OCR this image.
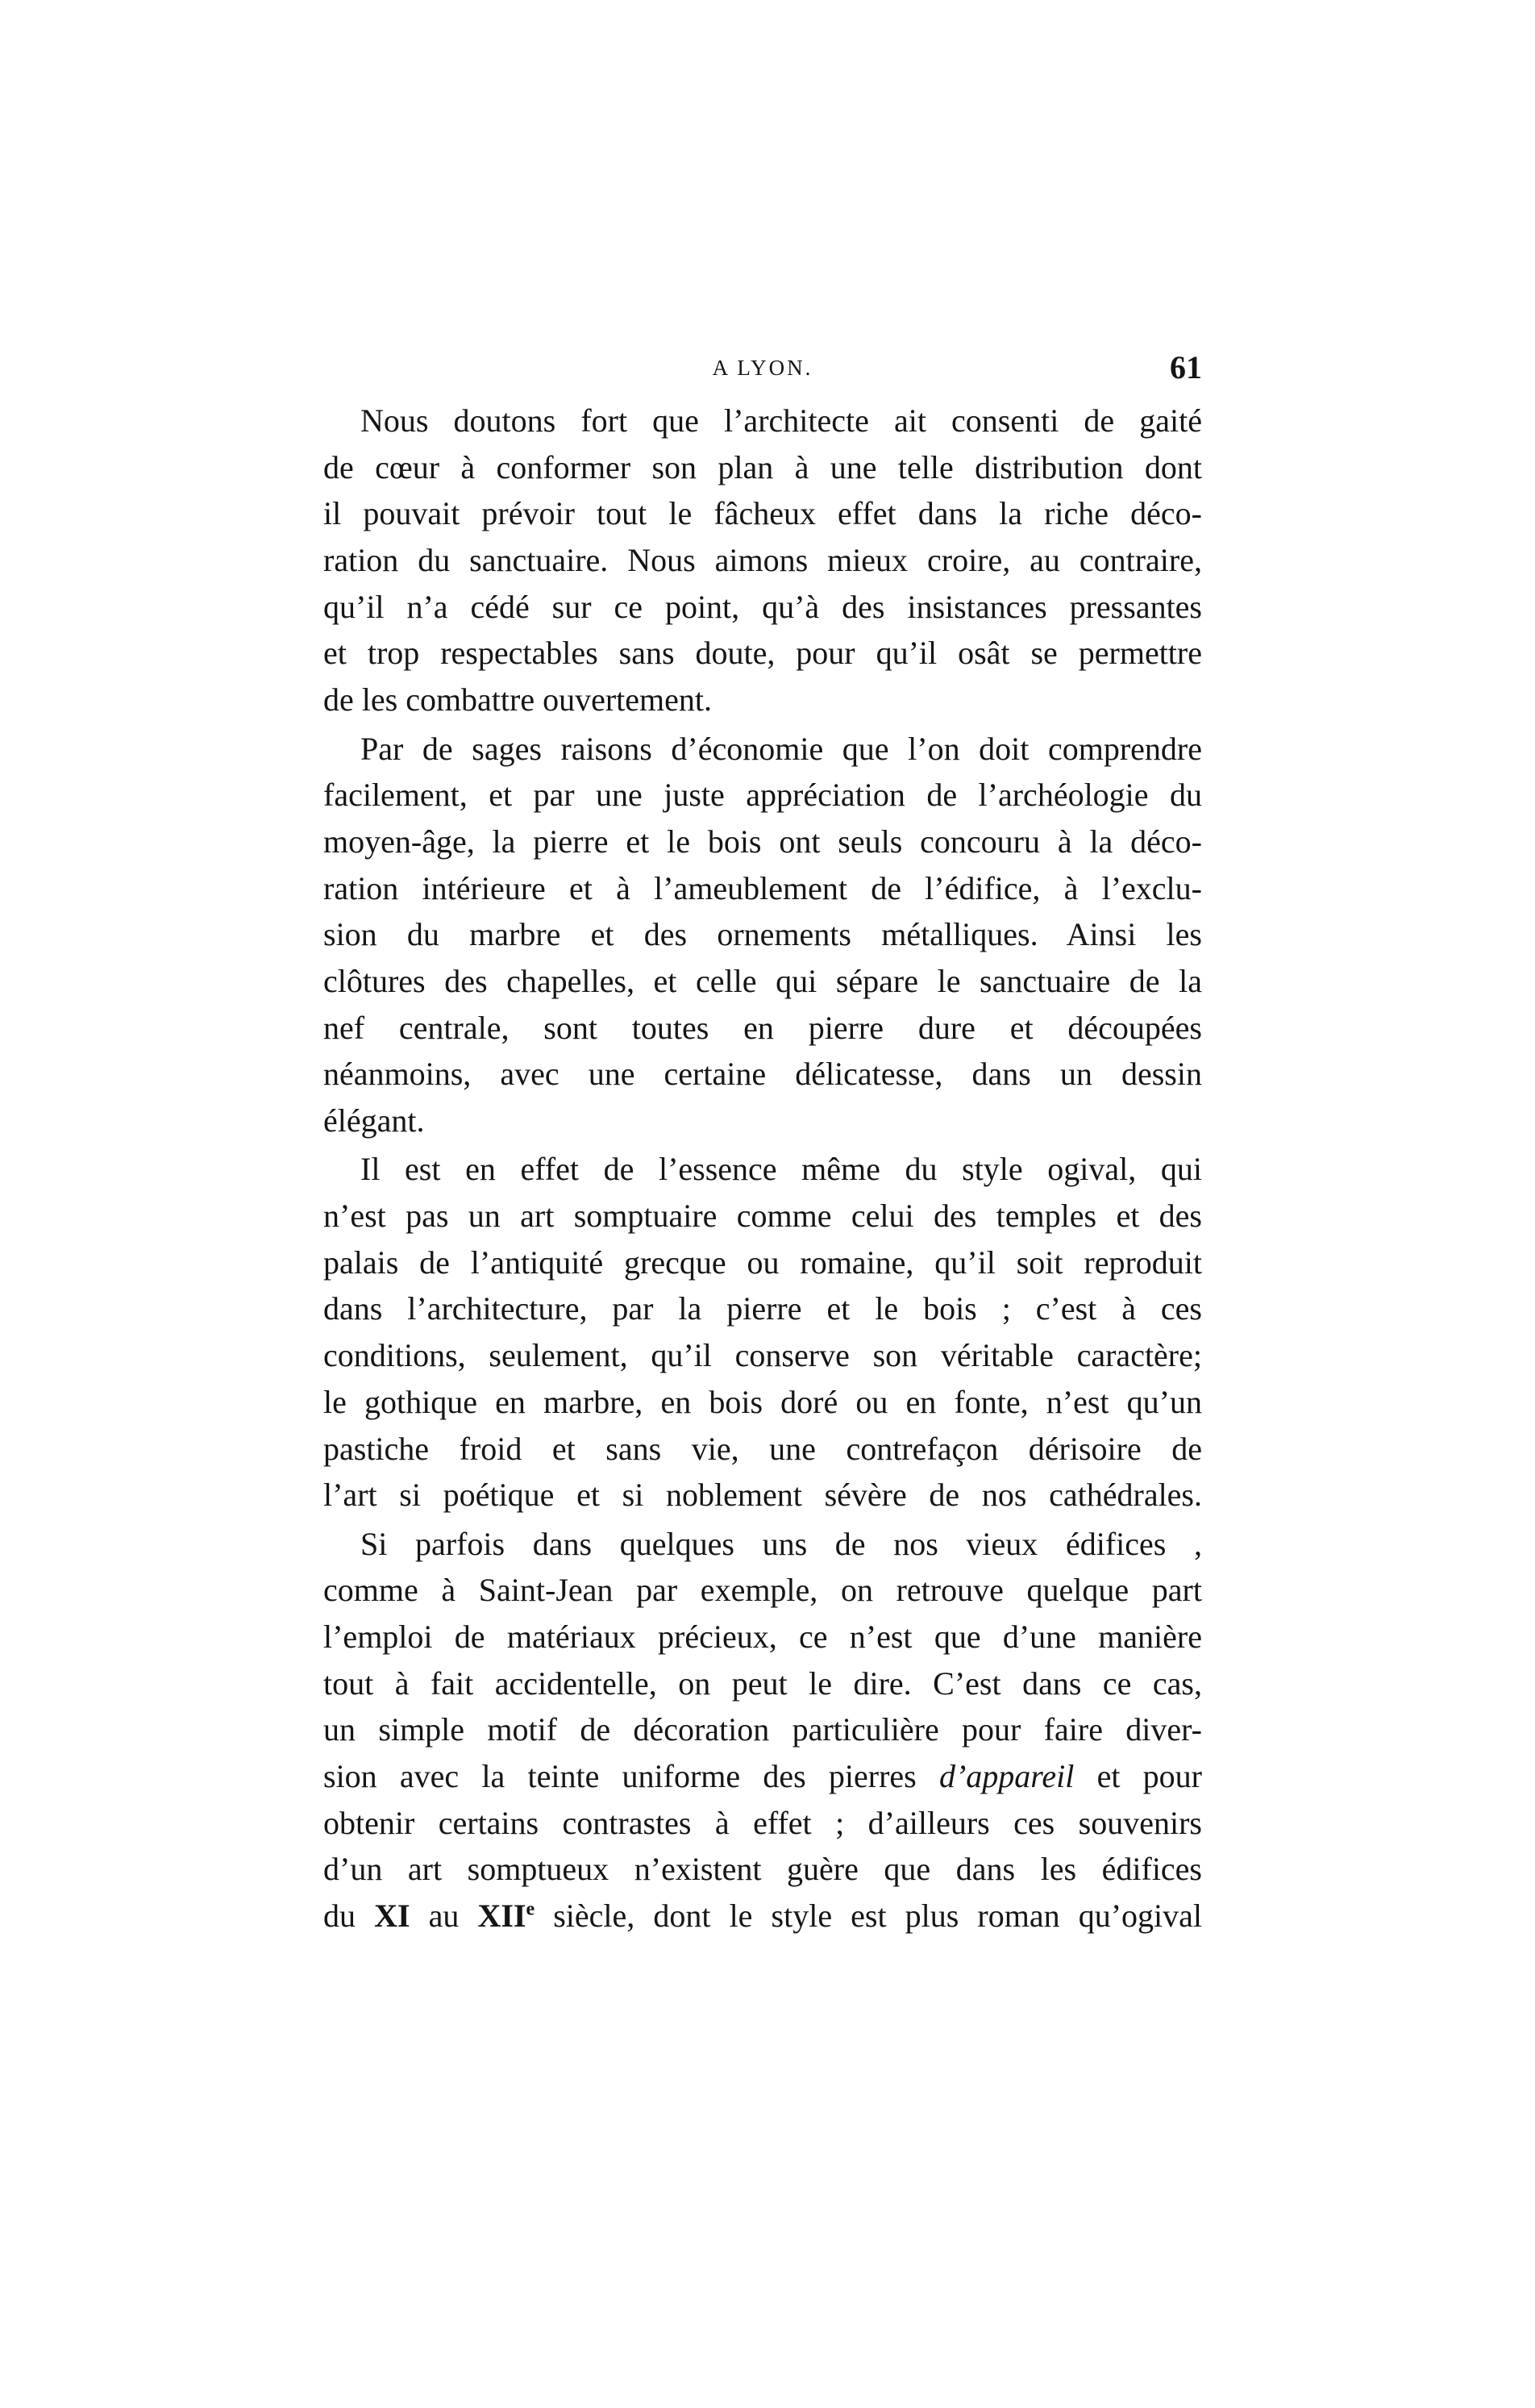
A LYON.	61
Nous doutons fort que l’architecte ait consenti de gaité
de cœur à conformer son plan à une telle distribution dont
il pouvait prévoir tout le fâcheux effet dans la riche déco-
ration du sanctuaire. Nous aimons mieux croire, au contraire,
qu’il n’a cédé sur ce point, qu’à des insistances pressantes
et trop respectables sans doute, pour qu’il osât se permettre
de les combattre ouvertement.
Par de sages raisons d’économie que l’on doit comprendre
facilement, et par une juste appréciation de l’archéologie du
moyen-âge, la pierre et le bois ont seuls concouru à la déco-
ration intérieure et à l’ameublement de l’édifice, à l’exclu-
sion du marbre et des ornements métalliques. Ainsi les
clôtures des chapelles, et celle qui sépare le sanctuaire de la
nef centrale, sont toutes en pierre dure et découpées
néanmoins, avec une certaine délicatesse, dans un dessin
élégant.
Il est en effet de l’essence même du style ogival, qui
n’est pas un art somptuaire comme celui des temples et des
palais de l’antiquité grecque ou romaine, qu’il soit reproduit
dans l’architecture, par la pierre et le bois ; c’est à ces
conditions, seulement, qu’il conserve son véritable caractère;
le gothique en marbre, en bois doré ou en fonte, n’est qu’un
pastiche froid et sans vie, une contrefaçon dérisoire de
l’art si poétique et si noblement sévère de nos cathédrales.
Si parfois dans quelques uns de nos vieux édifices ,
comme à Saint-Jean par exemple, on retrouve quelque part
l’emploi de matériaux précieux, ce n’est que d’une manière
tout à fait accidentelle, on peut le dire. C’est dans ce cas,
un simple motif de décoration particulière pour faire diver-
sion avec la teinte uniforme des pierres d’appareil et pour
obtenir certains contrastes à effet ; d’ailleurs ces souvenirs
d’un art somptueux n’existent guère que dans les édifices
du XI au XIIe siècle, dont le style est plus roman qu’ogival
